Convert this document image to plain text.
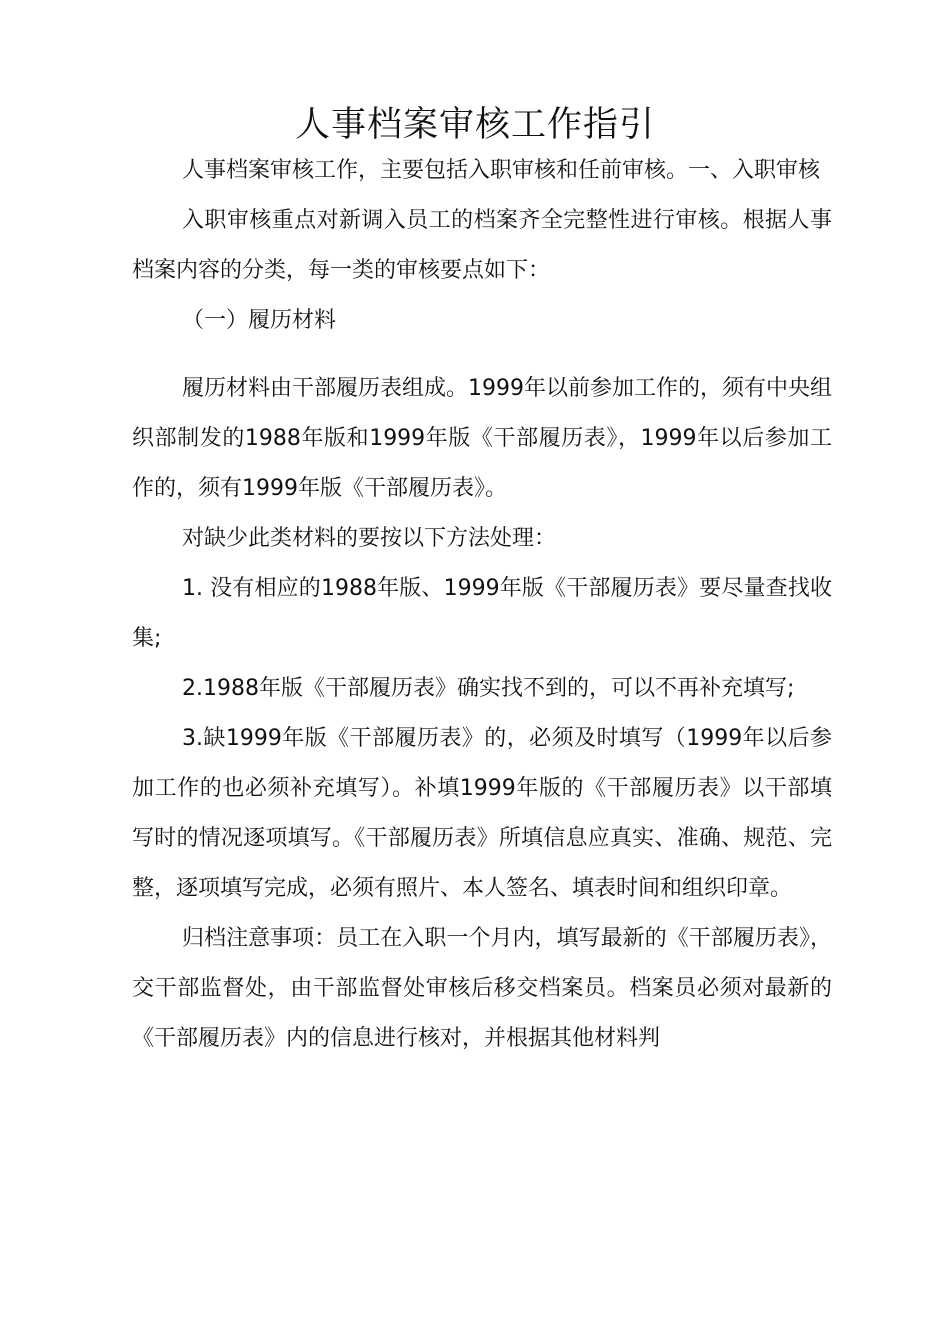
人事档案审核工作指引

人事档案审核工作，主要包括入职审核和任前审核。一、入职审核

入职审核重点对新调入员工的档案齐全完整性进行审核。根据人事档案内容的分类，每一类的审核要点如下：

（一）履历材料

履历材料由干部履历表组成。1999年以前参加工作的，须有中央组织部制发的1988年版和1999年版《干部履历表》，1999年以后参加工作的，须有1999年版《干部履历表》。

对缺少此类材料的要按以下方法处理：

1. 没有相应的1988年版、1999年版《干部履历表》要尽量查找收集;

2.1988年版《干部履历表》确实找不到的，可以不再补充填写;

3.缺1999年版《干部履历表》的，必须及时填写（1999年以后参加工作的也必须补充填写）。补填1999年版的《干部履历表》以干部填写时的情况逐项填写。《干部履历表》所填信息应真实、准确、规范、完整，逐项填写完成，必须有照片、本人签名、填表时间和组织印章。

归档注意事项：员工在入职一个月内，填写最新的《干部履历表》，交干部监督处，由干部监督处审核后移交档案员。档案员必须对最新的《干部履历表》内的信息进行核对，并根据其他材料判
